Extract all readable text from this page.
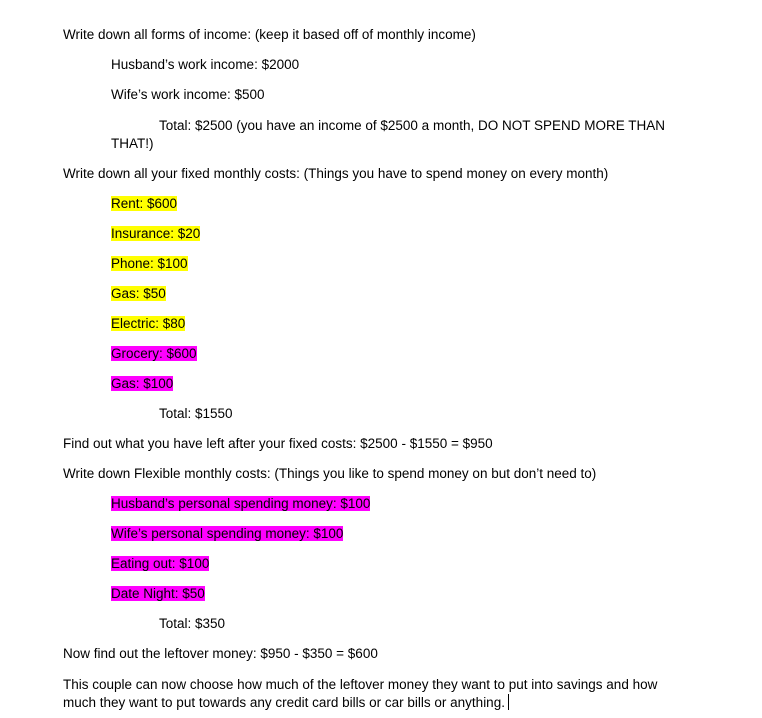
Write down all forms of income: (keep it based off of monthly income)
Husband’s work income: $2000
Wife’s work income: $500
Total: $2500 (you have an income of $2500 a month, DO NOT SPEND MORE THAN
THAT!)
Write down all your fixed monthly costs: (Things you have to spend money on every month)
Rent: $600
Insurance: $20
Phone: $100
Gas: $50
Electric: $80
Grocery: $600
Gas: $100
Total: $1550
Find out what you have left after your fixed costs: $2500 - $1550 = $950
Write down Flexible monthly costs: (Things you like to spend money on but don’t need to)
Husband’s personal spending money: $100
Wife’s personal spending money: $100
Eating out: $100
Date Night: $50
Total: $350
Now find out the leftover money: $950 - $350 = $600
This couple can now choose how much of the leftover money they want to put into savings and how
much they want to put towards any credit card bills or car bills or anything.
